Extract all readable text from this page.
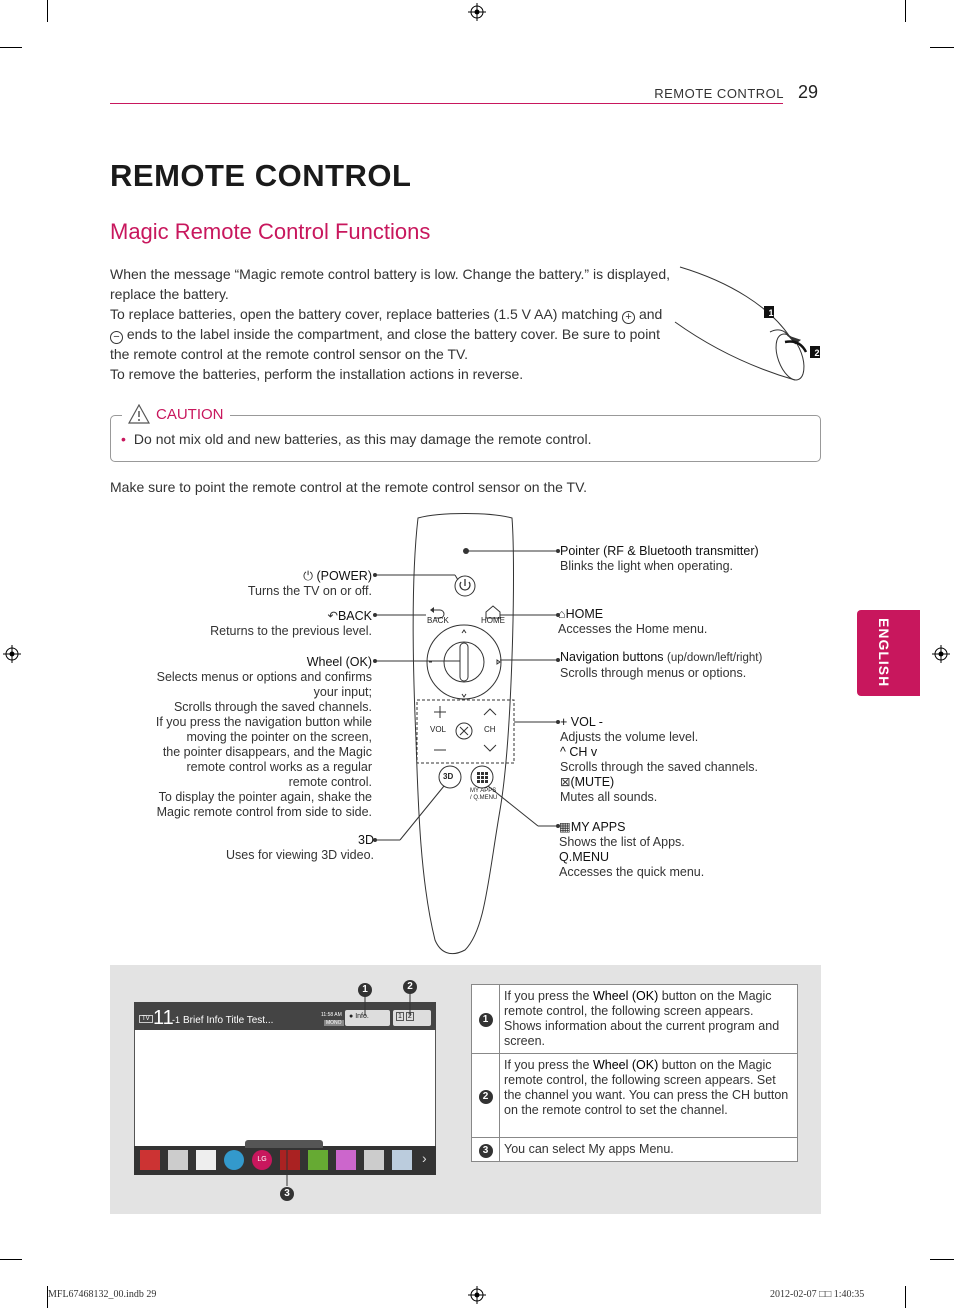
REMOTE CONTROL 29
REMOTE CONTROL
Magic Remote Control Functions

When the message “Magic remote control battery is low. Change the battery.” is displayed, replace the battery.

To replace batteries, open the battery cover, replace batteries (1.5 V AA) matching + and − ends to the label inside the compartment, and close the battery cover. Be sure to point the remote control at the remote control sensor on the TV.

To remove the batteries, perform the installation actions in reverse.

1
2
CAUTION
• Do not mix old and new batteries, as this may damage the remote control.
Make sure to point the remote control at the remote control sensor on the TV.
BACK	HOME
VOL	CH
3D
MY APPS
/ Q.MENU
⏻ (POWER)
Turns the TV on or off.
↶BACK
Returns to the previous level.
Wheel (OK)
Selects menus or options and confirms
your input;
Scrolls through the saved channels.
If you press the navigation button while
moving the pointer on the screen,
the pointer disappears, and the Magic
remote control works as a regular
remote control.
To display the pointer again, shake the
Magic remote control from side to side.
3D
Uses for viewing 3D video.
Pointer (RF & Bluetooth transmitter)
Blinks the light when operating.
⌂HOME
Accesses the Home menu.
Navigation buttons (up/down/left/right)
Scrolls through menus or options.
+ VOL -
Adjusts the volume level.
^ CH v
Scrolls through the saved channels.
⊠(MUTE)
Mutes all sounds.
▦MY APPS
Shows the list of Apps.
Q.MENU
Accesses the quick menu.
ENGLISH
TV 11
-1 Brief Info Title Test...	11:58 AM
MONO
● Info.	1 2
LG	›
1	2
3
1	If you press the Wheel (OK) button on the Magic remote control, the following screen appears. Shows information about the current program and screen.
2	If you press the Wheel (OK) button on the Magic remote control, the following screen appears. Set the channel you want. You can press the CH button on the remote control to set the channel.
3	You can select My apps Menu.
MFL67468132_00.indb 29	2012-02-07 □□ 1:40:35
